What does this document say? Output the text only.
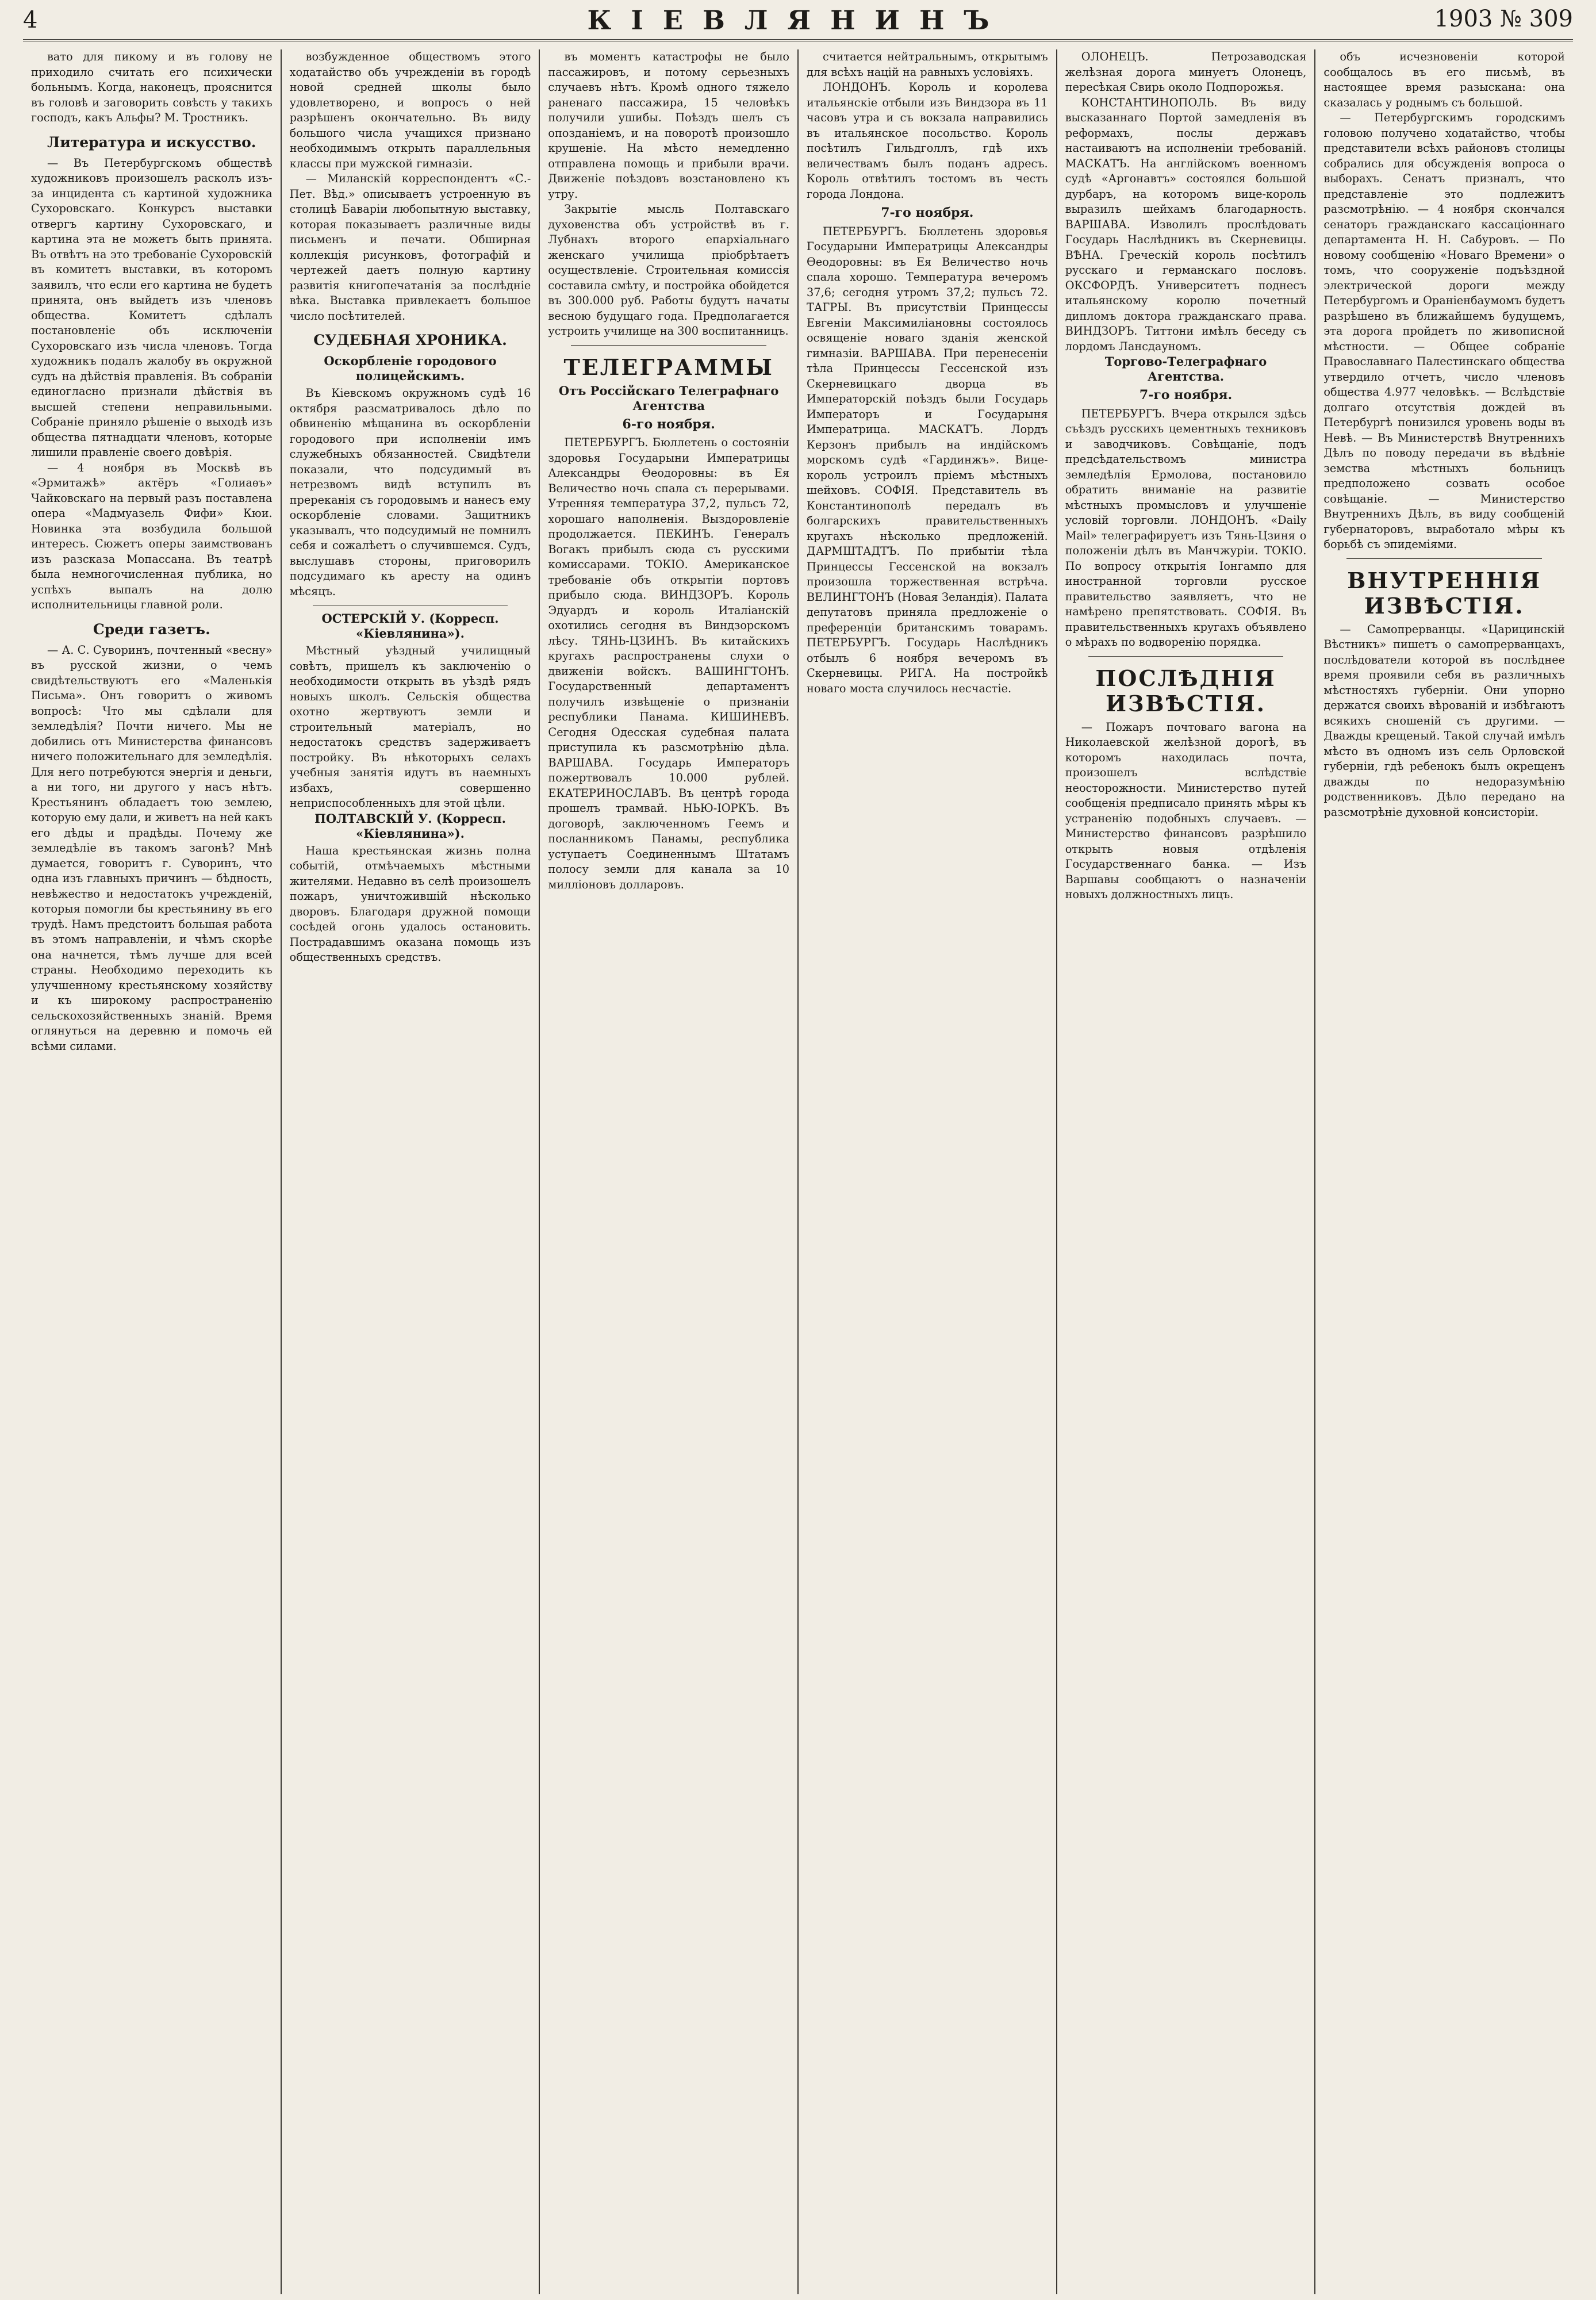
4	КІЕВЛЯНИНЪ	1903 № 309

вато для пикому и въ голову не приходило считать его психически больнымъ. Когда, наконецъ, прояснится въ головѣ и заговорить совѣсть у такихъ господъ, какъ Альфы? М. Тростникъ.

Литература и искусство.

— Въ Петербургскомъ обществѣ художниковъ произошелъ расколъ изъ-за инцидента съ картиной художника Сухоровскаго. Конкурсъ выставки отвергъ картину Сухоровскаго, и картина эта не можетъ быть принята. Въ отвѣтъ на это требованіе Сухоровскій въ комитетъ выставки, въ которомъ заявилъ, что если его картина не будетъ принята, онъ выйдетъ изъ членовъ общества. Комитетъ сдѣлалъ постановленіе объ исключеніи Сухоровскаго изъ числа членовъ. Тогда художникъ подалъ жалобу въ окружной судъ на дѣйствія правленія. Въ собраніи единогласно признали дѣйствія въ высшей степени неправильными. Собраніе приняло рѣшеніе о выходѣ изъ общества пятнадцати членовъ, которые лишили правленіе своего довѣрія.

— 4 ноября въ Москвѣ въ «Эрмитажѣ» актёръ «Голиаѳъ» Чайковскаго на первый разъ поставлена опера «Мадмуазель Фифи» Кюи. Новинка эта возбудила большой интересъ. Сюжетъ оперы заимствованъ изъ разсказа Мопассана. Въ театрѣ была немногочисленная публика, но успѣхъ выпалъ на долю исполнительницы главной роли.

Среди газетъ.

— А. С. Суворинъ, почтенный «весну» въ русской жизни, о чемъ свидѣтельствуютъ его «Маленькія Письма». Онъ говоритъ о живомъ вопросѣ: Что мы сдѣлали для земледѣлія? Почти ничего. Мы не добились отъ Министерства финансовъ ничего положительнаго для земледѣлія. Для него потребуются энергія и деньги, а ни того, ни другого у насъ нѣтъ. Крестьянинъ обладаетъ тою землею, которую ему дали, и живетъ на ней какъ его дѣды и прадѣды. Почему же земледѣліе въ такомъ загонѣ? Мнѣ думается, говоритъ г. Суворинъ, что одна изъ главныхъ причинъ — бѣдность, невѣжество и недостатокъ учрежденій, которыя помогли бы крестьянину въ его трудѣ. Намъ предстоитъ большая работа въ этомъ направленіи, и чѣмъ скорѣе она начнется, тѣмъ лучше для всей страны. Необходимо переходить къ улучшенному крестьянскому хозяйству и къ широкому распространенію сельскохозяйственныхъ знаній. Время оглянуться на деревню и помочь ей всѣми силами.

возбужденное обществомъ этого ходатайство объ учрежденіи въ городѣ новой средней школы было удовлетворено, и вопросъ о ней разрѣшенъ окончательно. Въ виду большого числа учащихся признано необходимымъ открыть параллельныя классы при мужской гимназіи.

— Миланскій корреспондентъ «С.-Пет. Вѣд.» описываетъ устроенную въ столицѣ Баваріи любопытную выставку, которая показываетъ различные виды письменъ и печати. Обширная коллекція рисунковъ, фотографій и чертежей даетъ полную картину развитія книгопечатанія за послѣдніе вѣка. Выставка привлекаетъ большое число посѣтителей.

СУДЕБНАЯ ХРОНИКА.
Оскорбленіе городового полицейскимъ.

Въ Кіевскомъ окружномъ судѣ 16 октября разсматривалось дѣло по обвиненію мѣщанина въ оскорбленіи городового при исполненіи имъ служебныхъ обязанностей. Свидѣтели показали, что подсудимый въ нетрезвомъ видѣ вступилъ въ пререканія съ городовымъ и нанесъ ему оскорбленіе словами. Защитникъ указывалъ, что подсудимый не помнилъ себя и сожалѣетъ о случившемся. Судъ, выслушавъ стороны, приговорилъ подсудимаго къ аресту на одинъ мѣсяцъ.

ОСТЕРСКІЙ У. (Корресп. «Кіевлянина»).

Мѣстный уѣздный училищный совѣтъ, пришелъ къ заключенію о необходимости открыть въ уѣздѣ рядъ новыхъ школъ. Сельскія общества охотно жертвуютъ земли и строительный матеріалъ, но недостатокъ средствъ задерживаетъ постройку. Въ нѣкоторыхъ селахъ учебныя занятія идутъ въ наемныхъ избахъ, совершенно неприспособленныхъ для этой цѣли.

ПОЛТАВСКІЙ У. (Корресп. «Кіевлянина»).

Наша крестьянская жизнь полна событій, отмѣчаемыхъ мѣстными жителями. Недавно въ селѣ произошелъ пожаръ, уничтожившій нѣсколько дворовъ. Благодаря дружной помощи сосѣдей огонь удалось остановить. Пострадавшимъ оказана помощь изъ общественныхъ средствъ.

въ моментъ катастрофы не было пассажировъ, и потому серьезныхъ случаевъ нѣтъ. Кромѣ одного тяжело раненаго пассажира, 15 человѣкъ получили ушибы. Поѣздъ шелъ съ опозданіемъ, и на поворотѣ произошло крушеніе. На мѣсто немедленно отправлена помощь и прибыли врачи. Движеніе поѣздовъ возстановлено къ утру.

Закрытіе мысль Полтавскаго духовенства объ устройствѣ въ г. Лубнахъ второго епархіальнаго женскаго училища пріобрѣтаетъ осуществленіе. Строительная комиссія составила смѣту, и постройка обойдется въ 300.000 руб. Работы будутъ начаты весною будущаго года. Предполагается устроить училище на 300 воспитанницъ.

ТЕЛЕГРАММЫ
Отъ Россійскаго Телеграфнаго Агентства
6-го ноября.

ПЕТЕРБУРГЪ. Бюллетень о состояніи здоровья Государыни Императрицы Александры Ѳеодоровны: въ Ея Величество ночь спала съ перерывами. Утренняя температура 37,2, пульсъ 72, хорошаго наполненія. Выздоровленіе продолжается. ПЕКИНЪ. Генералъ Вогакъ прибылъ сюда съ русскими комиссарами. ТОКІО. Американское требованіе объ открытіи портовъ прибыло сюда. ВИНДЗОРЪ. Король Эдуардъ и король Италіанскій охотились сегодня въ Виндзорскомъ лѣсу. ТЯНЬ-ЦЗИНЪ. Въ китайскихъ кругахъ распространены слухи о движеніи войскъ. ВАШИНГТОНЪ. Государственный департаментъ получилъ извѣщеніе о признаніи республики Панама. КИШИНЕВЪ. Сегодня Одесская судебная палата приступила къ разсмотрѣнію дѣла. ВАРШАВА. Государь Императоръ пожертвовалъ 10.000 рублей. ЕКАТЕРИНОСЛАВЪ. Въ центрѣ города прошелъ трамвай. НЬЮ-ІОРКЪ. Въ договорѣ, заключенномъ Геемъ и посланникомъ Панамы, республика уступаетъ Соединеннымъ Штатамъ полосу земли для канала за 10 милліоновъ долларовъ.

считается нейтральнымъ, открытымъ для всѣхъ націй на равныхъ условіяхъ.

ЛОНДОНЪ. Король и королева итальянскіе отбыли изъ Виндзора въ 11 часовъ утра и съ вокзала направились въ итальянское посольство. Король посѣтилъ Гильдголлъ, гдѣ ихъ величествамъ былъ поданъ адресъ. Король отвѣтилъ тостомъ въ честь города Лондона.

7-го ноября.

ПЕТЕРБУРГЪ. Бюллетень здоровья Государыни Императрицы Александры Ѳеодоровны: въ Ея Величество ночь спала хорошо. Температура вечеромъ 37,6; сегодня утромъ 37,2; пульсъ 72. ТАГРЫ. Въ присутствіи Принцессы Евгеніи Максимиліановны состоялось освященіе новаго зданія женской гимназіи. ВАРШАВА. При перенесеніи тѣла Принцессы Гессенской изъ Скерневицкаго дворца въ Императорскій поѣздъ были Государь Императоръ и Государыня Императрица. МАСКАТЪ. Лордъ Керзонъ прибылъ на индійскомъ морскомъ судѣ «Гардинжъ». Вице-король устроилъ пріемъ мѣстныхъ шейховъ. СОФІЯ. Представитель въ Константинополѣ передалъ въ болгарскихъ правительственныхъ кругахъ нѣсколько предложеній. ДАРМШТАДТЪ. По прибытіи тѣла Принцессы Гессенской на вокзалъ произошла торжественная встрѣча. ВЕЛИНГТОНЪ (Новая Зеландія). Палата депутатовъ приняла предложеніе о преференціи британскимъ товарамъ. ПЕТЕРБУРГЪ. Государь Наслѣдникъ отбылъ 6 ноября вечеромъ въ Скерневицы. РИГА. На постройкѣ новаго моста случилось несчастіе.

ОЛОНЕЦЪ. Петрозаводская желѣзная дорога минуетъ Олонецъ, пересѣкая Свирь около Подпорожья.

КОНСТАНТИНОПОЛЬ. Въ виду высказаннаго Портой замедленія въ реформахъ, послы державъ настаиваютъ на исполненіи требованій. МАСКАТЪ. На англійскомъ военномъ судѣ «Аргонавтъ» состоялся большой дурбаръ, на которомъ вице-король выразилъ шейхамъ благодарность. ВАРШАВА. Изволилъ прослѣдовать Государь Наслѣдникъ въ Скерневицы. ВѢНА. Греческій король посѣтилъ русскаго и германскаго пословъ. ОКСФОРДЪ. Университетъ поднесъ итальянскому королю почетный дипломъ доктора гражданскаго права. ВИНДЗОРЪ. Титтони имѣлъ беседу съ лордомъ Лансдауномъ.

Торгово-Телеграфнаго Агентства.
7-го ноября.

ПЕТЕРБУРГЪ. Вчера открылся здѣсь съѣздъ русскихъ цементныхъ техниковъ и заводчиковъ. Совѣщаніе, подъ предсѣдательствомъ министра земледѣлія Ермолова, постановило обратить вниманіе на развитіе мѣстныхъ промысловъ и улучшеніе условій торговли. ЛОНДОНЪ. «Daily Mail» телеграфируетъ изъ Тянь-Цзиня о положеніи дѣлъ въ Манчжуріи. ТОКІО. По вопросу открытія Іонгампо для иностранной торговли русское правительство заявляетъ, что не намѣрено препятствовать. СОФІЯ. Въ правительственныхъ кругахъ объявлено о мѣрахъ по водворенію порядка.

ПОСЛѢДНІЯ ИЗВѢСТІЯ.

— Пожаръ почтоваго вагона на Николаевской желѣзной дорогѣ, въ которомъ находилась почта, произошелъ вслѣдствіе неосторожности. Министерство путей сообщенія предписало принять мѣры къ устраненію подобныхъ случаевъ. — Министерство финансовъ разрѣшило открыть новыя отдѣленія Государственнаго банка. — Изъ Варшавы сообщаютъ о назначеніи новыхъ должностныхъ лицъ.

объ исчезновеніи которой сообщалось въ его письмѣ, въ настоящее время разыскана: она сказалась у роднымъ съ большой.

— Петербургскимъ городскимъ головою получено ходатайство, чтобы представители всѣхъ районовъ столицы собрались для обсужденія вопроса о выборахъ. Сенатъ призналъ, что представленіе это подлежитъ разсмотрѣнію. — 4 ноября скончался сенаторъ гражданскаго кассаціоннаго департамента Н. Н. Сабуровъ. — По новому сообщенію «Новаго Времени» о томъ, что сооруженіе подъѣздной электрической дороги между Петербургомъ и Ораніенбаумомъ будетъ разрѣшено въ ближайшемъ будущемъ, эта дорога пройдетъ по живописной мѣстности. — Общее собраніе Православнаго Палестинскаго общества утвердило отчетъ, число членовъ общества 4.977 человѣкъ. — Вслѣдствіе долгаго отсутствія дождей въ Петербургѣ понизился уровень воды въ Невѣ. — Въ Министерствѣ Внутреннихъ Дѣлъ по поводу передачи въ вѣдѣніе земства мѣстныхъ больницъ предположено созвать особое совѣщаніе. — Министерство Внутреннихъ Дѣлъ, въ виду сообщеній губернаторовъ, выработало мѣры къ борьбѣ съ эпидеміями.

ВНУТРЕННІЯ ИЗВѢСТІЯ.

— Самопрерванцы. «Царицинскій Вѣстникъ» пишетъ о самопрерванцахъ, послѣдователи которой въ послѣднее время проявили себя въ различныхъ мѣстностяхъ губерніи. Они упорно держатся своихъ вѣрованій и избѣгаютъ всякихъ сношеній съ другими. — Дважды крещеный. Такой случай имѣлъ мѣсто въ одномъ изъ сель Орловской губерніи, гдѣ ребенокъ былъ окрещенъ дважды по недоразумѣнію родственниковъ. Дѣло передано на разсмотрѣніе духовной консисторіи.
